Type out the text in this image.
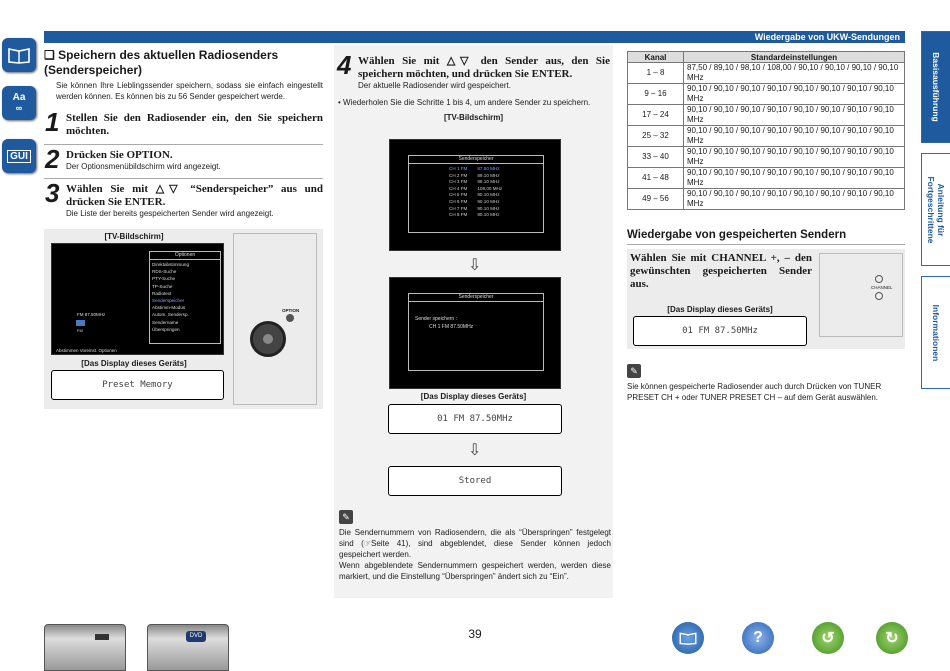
Wiedergabe von UKW-Sendungen
Aa
∞
GUI
Basisausführung
Anleitung für Fortgeschrittene
Informationen
❑ Speichern des aktuellen Radiosenders (Senderspeicher)
Sie können Ihre Lieblingssender speichern, sodass sie einfach eingestellt werden können. Es können bis zu 56 Sender gespeichert werde.
1 Stellen Sie den Radiosender ein, den Sie speichern möchten.
2 Drücken Sie OPTION.
Der Optionsmenübildschirm wird angezeigt.
3 Wählen Sie mit △▽ “Senderspeicher” aus und drücken Sie ENTER.
Die Liste der bereits gespeicherten Sender wird angezeigt.
[TV-Bildschirm]
Optionen
Direktabstimmung
RDS-Suche
PTY-Suche
TP-Suche
Radiotext
Senderspeicher
Abstimm-Modus
Autom. Sendersp.
Sendername
Überspringen
FM 87.50MHz
FM
Abstimmen Voreinst. Optionen
[Das Display dieses Geräts]
Preset Memory
OPTION
4 Wählen Sie mit △▽ den Sender aus, den Sie speichern möchten, und drücken Sie ENTER.
Der aktuelle Radiosender wird gespeichert.
• Wiederholen Sie die Schritte 1 bis 4, um andere Sender zu speichern.
[TV-Bildschirm]
Senderspeicher
CH 1 FM 87.50 MHz
CH 2 FM 89.10 MHz
CH 3 FM 98.10 MHz
CH 4 FM 108.00 MHz
CH 5 FM 90.10 MHz
CH 6 FM 90.10 MHz
CH 7 FM 90.10 MHz
CH 8 FM 90.10 MHz
⇩
Senderspeicher
Sender speichern :
CH 1 FM 87.50MHz
[Das Display dieses Geräts]
01 FM 87.50MHz
⇩
Stored
✎
Die Sendernummern von Radiosendern, die als “Überspringen” festgelegt sind (☞Seite 41), sind abgeblendet, diese Sender können jedoch gespeichert werden.
Wenn abgeblendete Sendernummern gespeichert werden, werden diese markiert, und die Einstellung “Überspringen” ändert sich zu “Ein”.
Kanal	Standardeinstellungen
1 – 8	87,50 / 89,10 / 98,10 / 108,00 / 90,10 / 90,10 / 90,10 / 90,10 MHz
9 – 16	90,10 / 90,10 / 90,10 / 90,10 / 90,10 / 90,10 / 90,10 / 90,10 MHz
17 – 24	90,10 / 90,10 / 90,10 / 90,10 / 90,10 / 90,10 / 90,10 / 90,10 MHz
25 – 32	90,10 / 90,10 / 90,10 / 90,10 / 90,10 / 90,10 / 90,10 / 90,10 MHz
33 – 40	90,10 / 90,10 / 90,10 / 90,10 / 90,10 / 90,10 / 90,10 / 90,10 MHz
41 – 48	90,10 / 90,10 / 90,10 / 90,10 / 90,10 / 90,10 / 90,10 / 90,10 MHz
49 – 56	90,10 / 90,10 / 90,10 / 90,10 / 90,10 / 90,10 / 90,10 / 90,10 MHz
Wiedergabe von gespeicherten Sendern
Wählen Sie mit CHANNEL +, – den gewünschten gespeicherten Sender aus.
[Das Display dieses Geräts]
01 FM 87.50MHz
CHANNEL
✎
Sie können gespeicherte Radiosender auch durch Drücken von TUNER PRESET CH + oder TUNER PRESET CH – auf dem Gerät auswählen.
DVD	39	?	↺	↻
